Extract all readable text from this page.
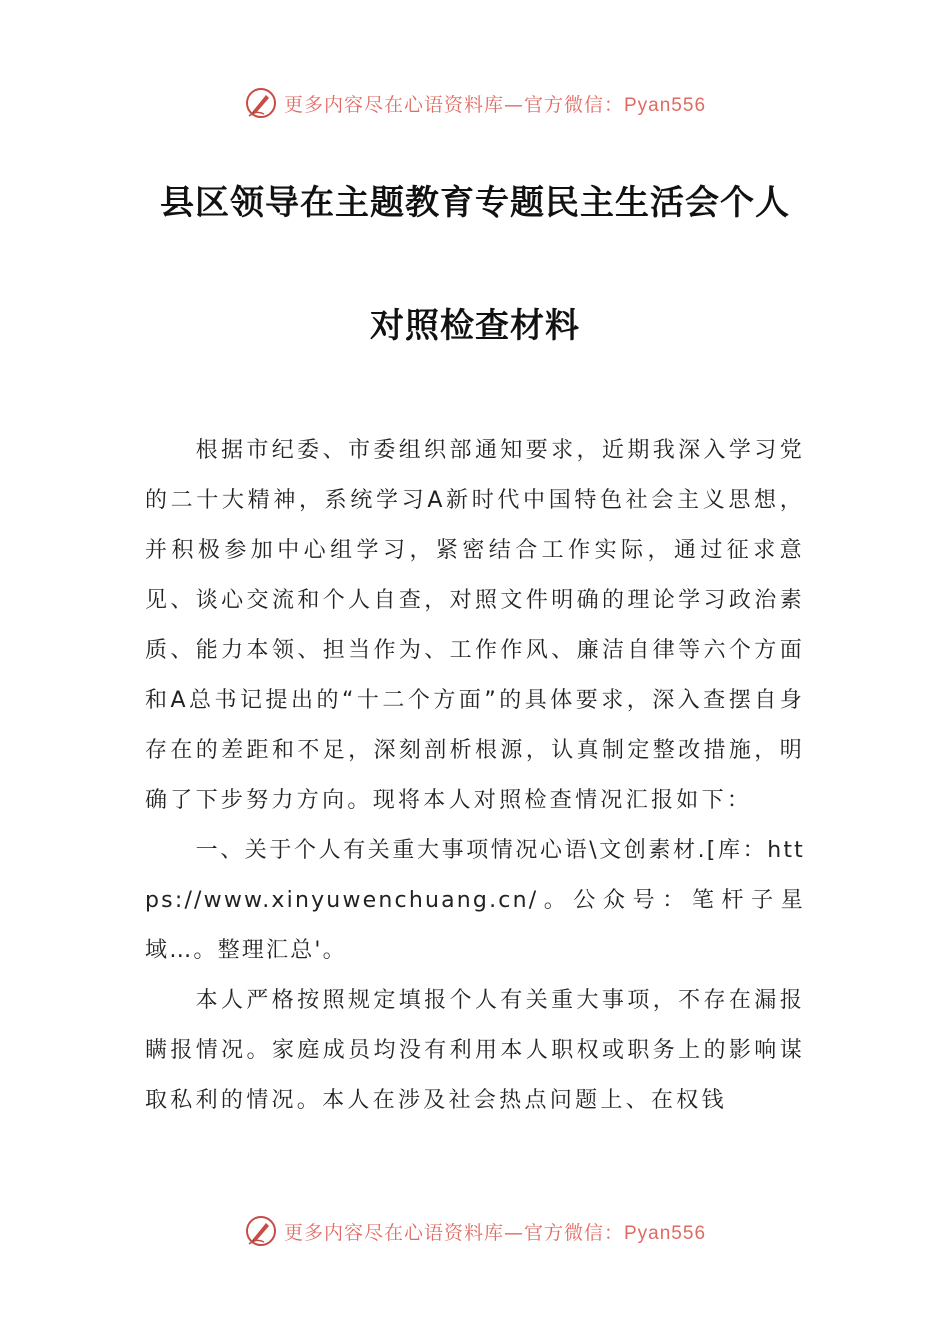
更多内容尽在心语资料库—官方微信：Pyan556
县区领导在主题教育专题民主生活会个人
对照检查材料

根据市纪委、市委组织部通知要求，近期我深入学习党的二十大精神，系统学习A新时代中国特色社会主义思想，并积极参加中心组学习，紧密结合工作实际，通过征求意见、谈心交流和个人自查，对照文件明确的理论学习政治素质、能力本领、担当作为、工作作风、廉洁自律等六个方面和A总书记提出的“十二个方面”的具体要求，深入查摆自身存在的差距和不足，深刻剖析根源，认真制定整改措施，明确了下步努力方向。现将本人对照检查情况汇报如下：

一、关于个人有关重大事项情况心语\文创素材.[库：https://www.xinyuwenchuang.cn/。公众号：笔杆子星域…。整理汇总'。

本人严格按照规定填报个人有关重大事项，不存在漏报瞒报情况。家庭成员均没有利用本人职权或职务上的影响谋取私利的情况。本人在涉及社会热点问题上、在权钱

更多内容尽在心语资料库—官方微信：Pyan556
